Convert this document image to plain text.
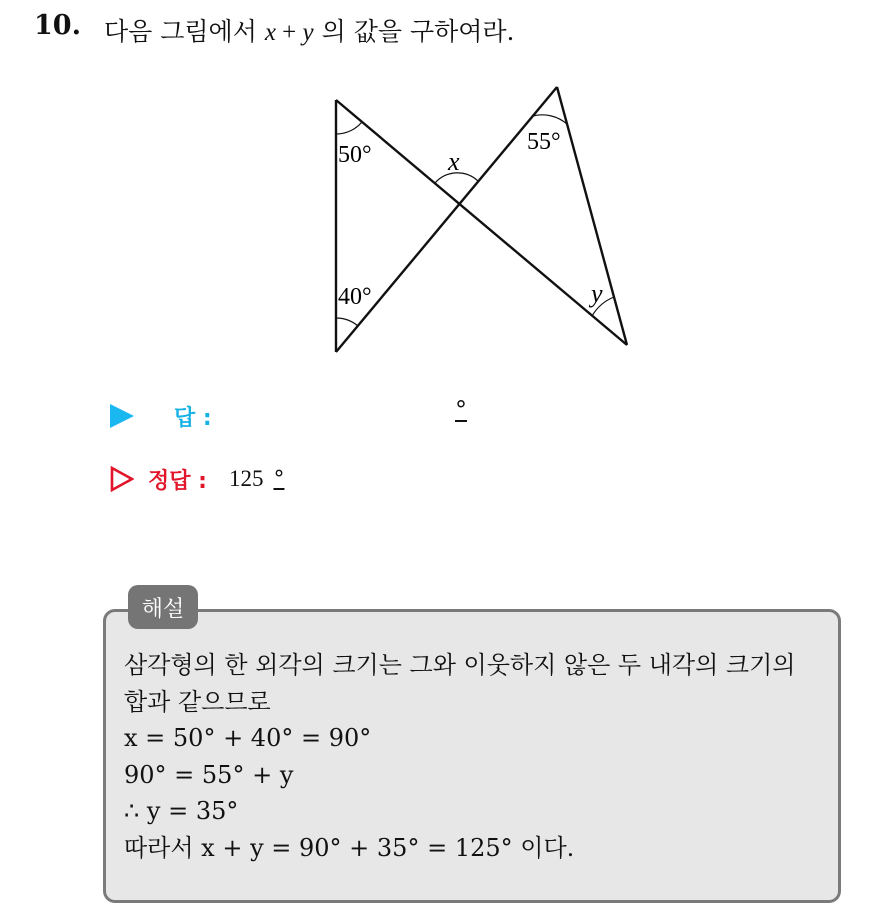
10. 다음 그림에서 x + y 의 값을 구하여라.
50°
40°
55°
x
y
답 :	°
정답 : 125 °
해설
삼각형의 한 외각의 크기는 그와 이웃하지 않은 두 내각의 크기의
합과 같으므로
x = 50° + 40° = 90°
90° = 55° + y
∴ y = 35°
따라서 x + y = 90° + 35° = 125° 이다.
